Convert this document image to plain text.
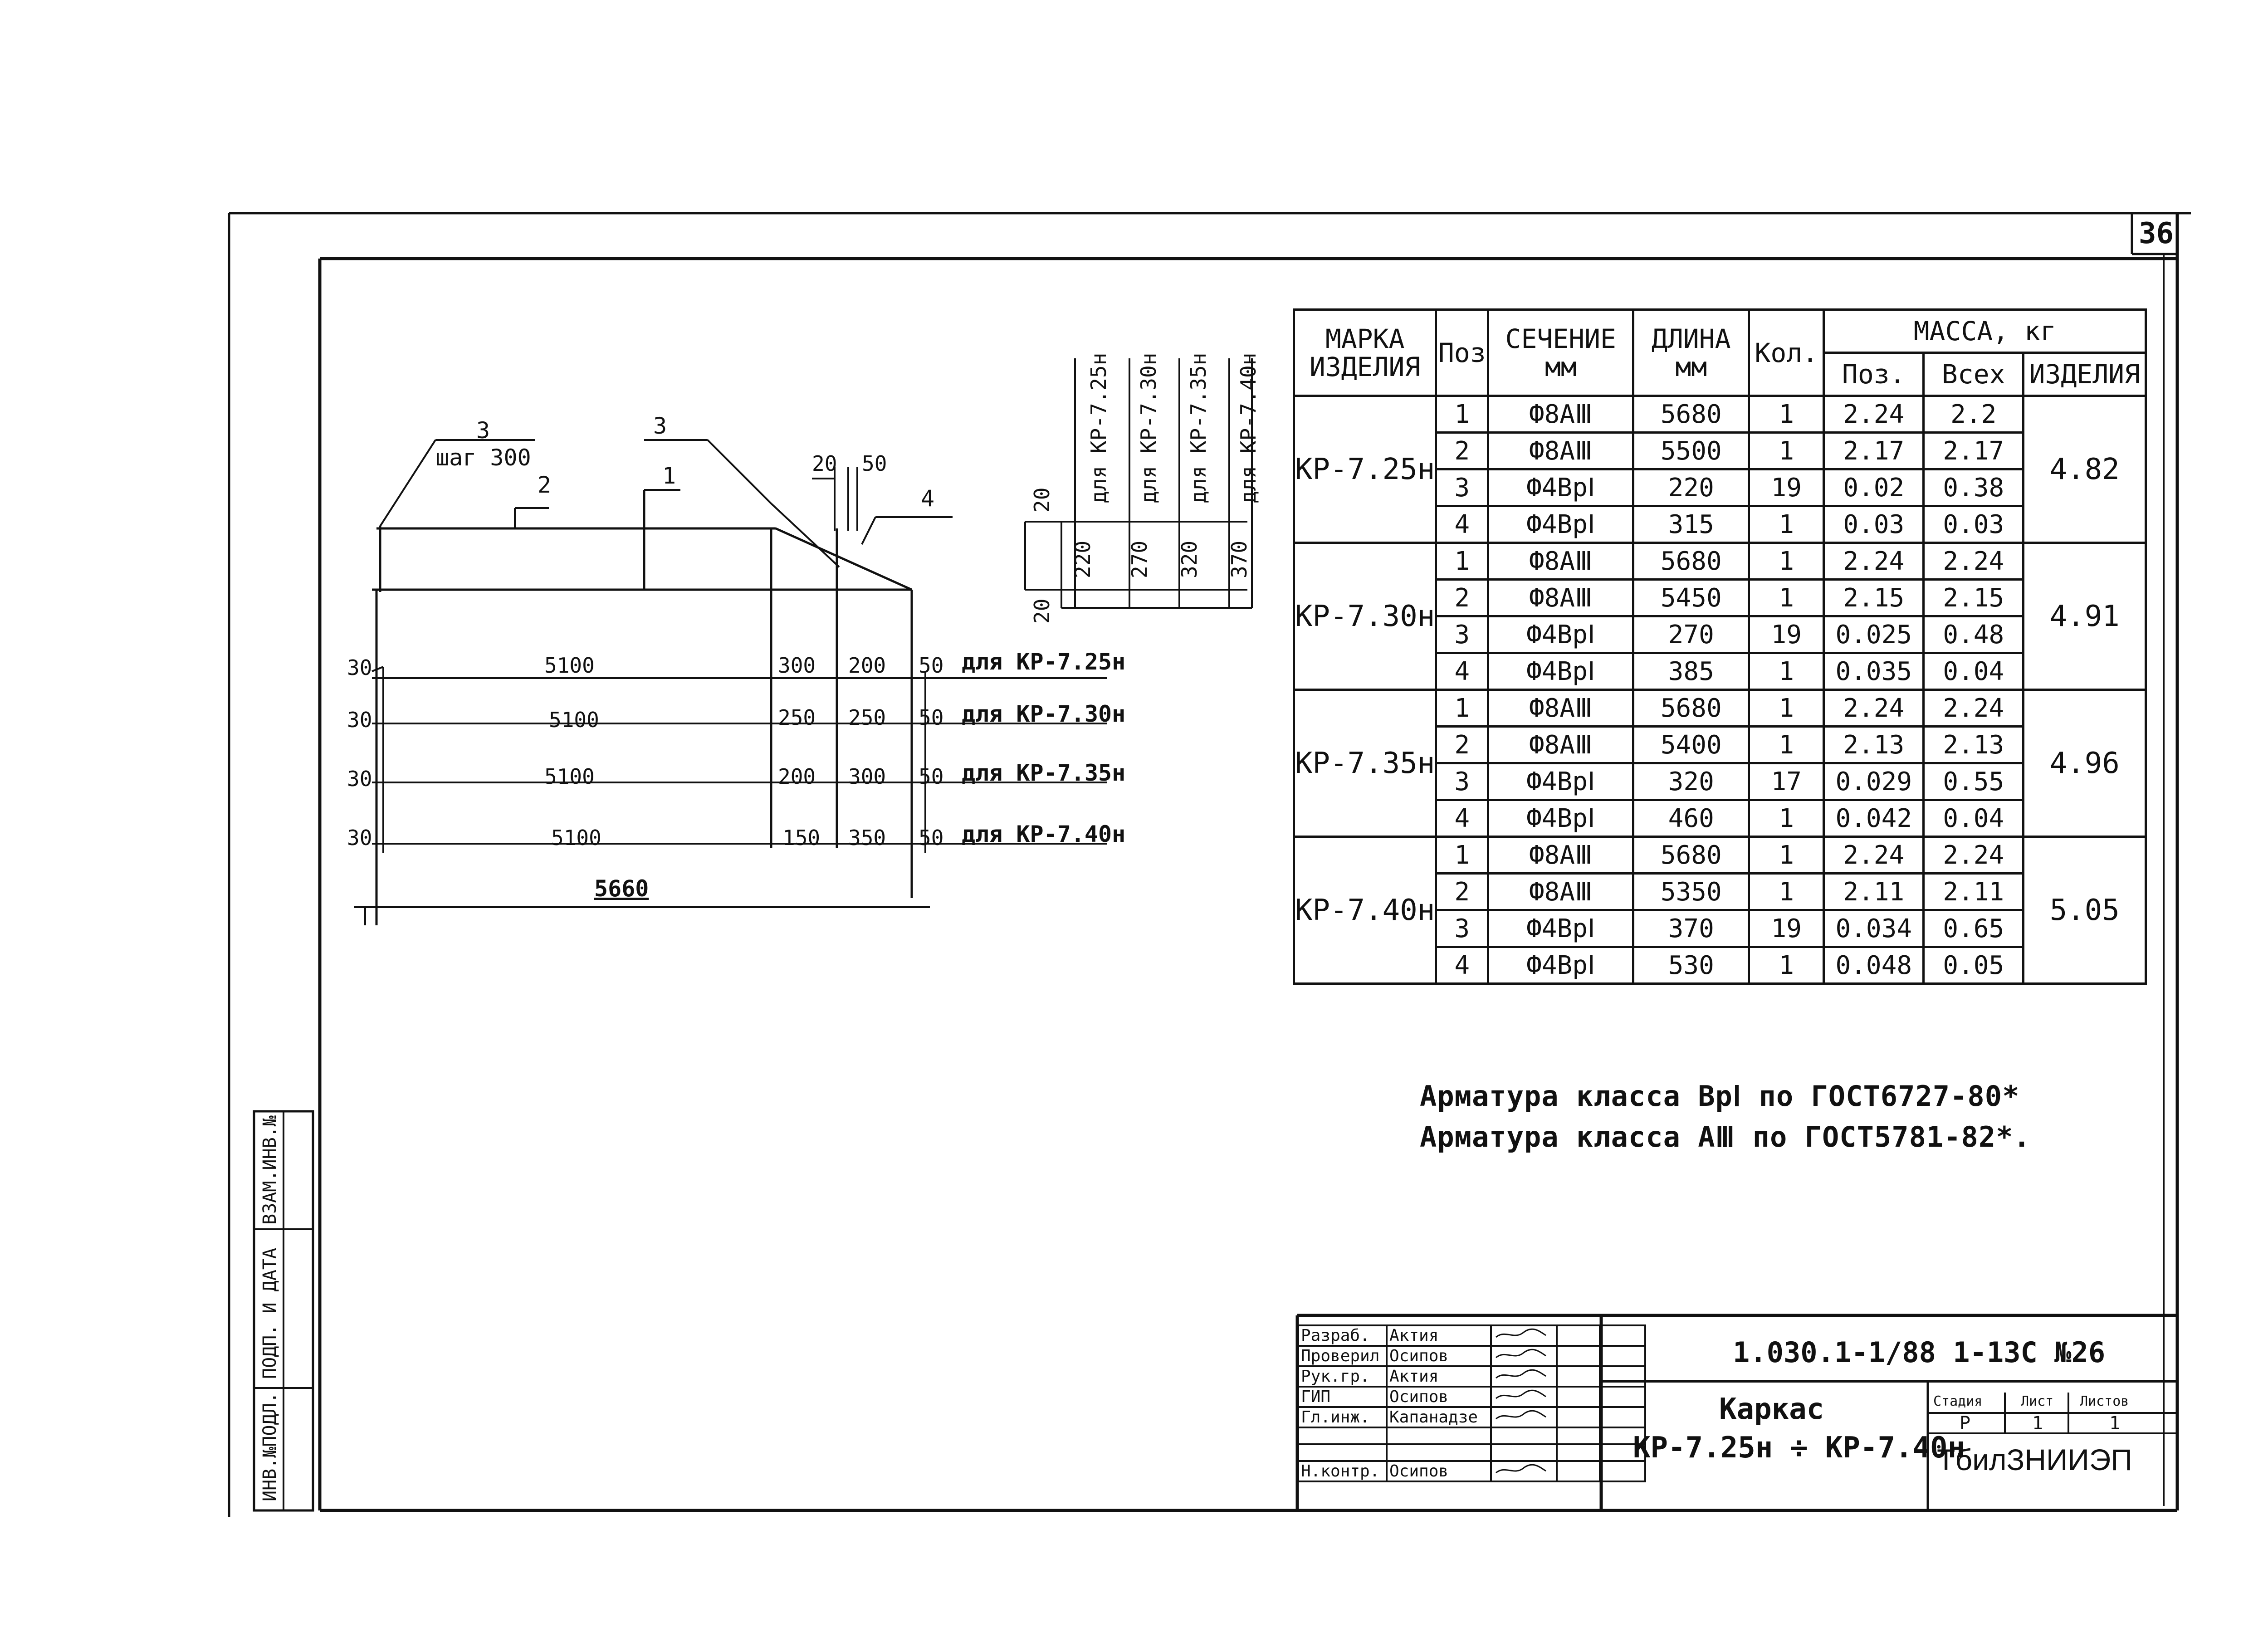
36
ИНВ.№ПОДЛ.
ПОДП. И ДАТА
ВЗАМ.ИНВ.№
3
шаг 300
2	1
3
4
20 50
30	5100	300 200 50 для КР-7.25н
30	5100	250 250 50 для КР-7.30н
30	5100	200 300 50 для КР-7.35н
30	5100	150 350 50 для КР-7.40н
5660
20
20
220 270 320 370
для КР-7.25н для КР-7.30н для КР-7.35н для КР-7.40н
МАРКА ИЗДЕЛИЯ	Поз	СЕЧЕНИЕ мм	ДЛИНА мм	Кол.	МАССА, кг		
					Поз.	Всех	ИЗДЕЛИЯ
КР-7.25н	1	Ф8АⅢ	5680	1	2.24	2.2	4.82
	2	Ф8АⅢ	5500	1	2.17	2.17	
	3	Ф4ВрⅠ	220	19	0.02	0.38	
	4	Ф4ВрⅠ	315	1	0.03	0.03	
КР-7.30н	1	Ф8АⅢ	5680	1	2.24	2.24	4.91
	2	Ф8АⅢ	5450	1	2.15	2.15	
	3	Ф4ВрⅠ	270	19	0.025	0.48	
	4	Ф4ВрⅠ	385	1	0.035	0.04	
КР-7.35н	1	Ф8АⅢ	5680	1	2.24	2.24	4.96
	2	Ф8АⅢ	5400	1	2.13	2.13	
	3	Ф4ВрⅠ	320	17	0.029	0.55	
	4	Ф4ВрⅠ	460	1	0.042	0.04	
КР-7.40н	1	Ф8АⅢ	5680	1	2.24	2.24	5.05
	2	Ф8АⅢ	5350	1	2.11	2.11	
	3	Ф4ВрⅠ	370	19	0.034	0.65	
	4	Ф4ВрⅠ	530	1	0.048	0.05	
Арматура класса ВрⅠ по ГОСТ6727-80*
Арматура класса АⅢ по ГОСТ5781-82*.
Разраб.	Актия			
Проверил	Осипов			
Рук.гр.	Актия			
ГИП	Осипов			
Гл.инж.	Капанадзе			

Н.контр.	Осипов			
1.030.1-1/88 1-13С №26
Каркас
КР-7.25н ÷ КР-7.40н
Стадия	Лист Листов
Р	1	1
ТбилЗНИИЭП
